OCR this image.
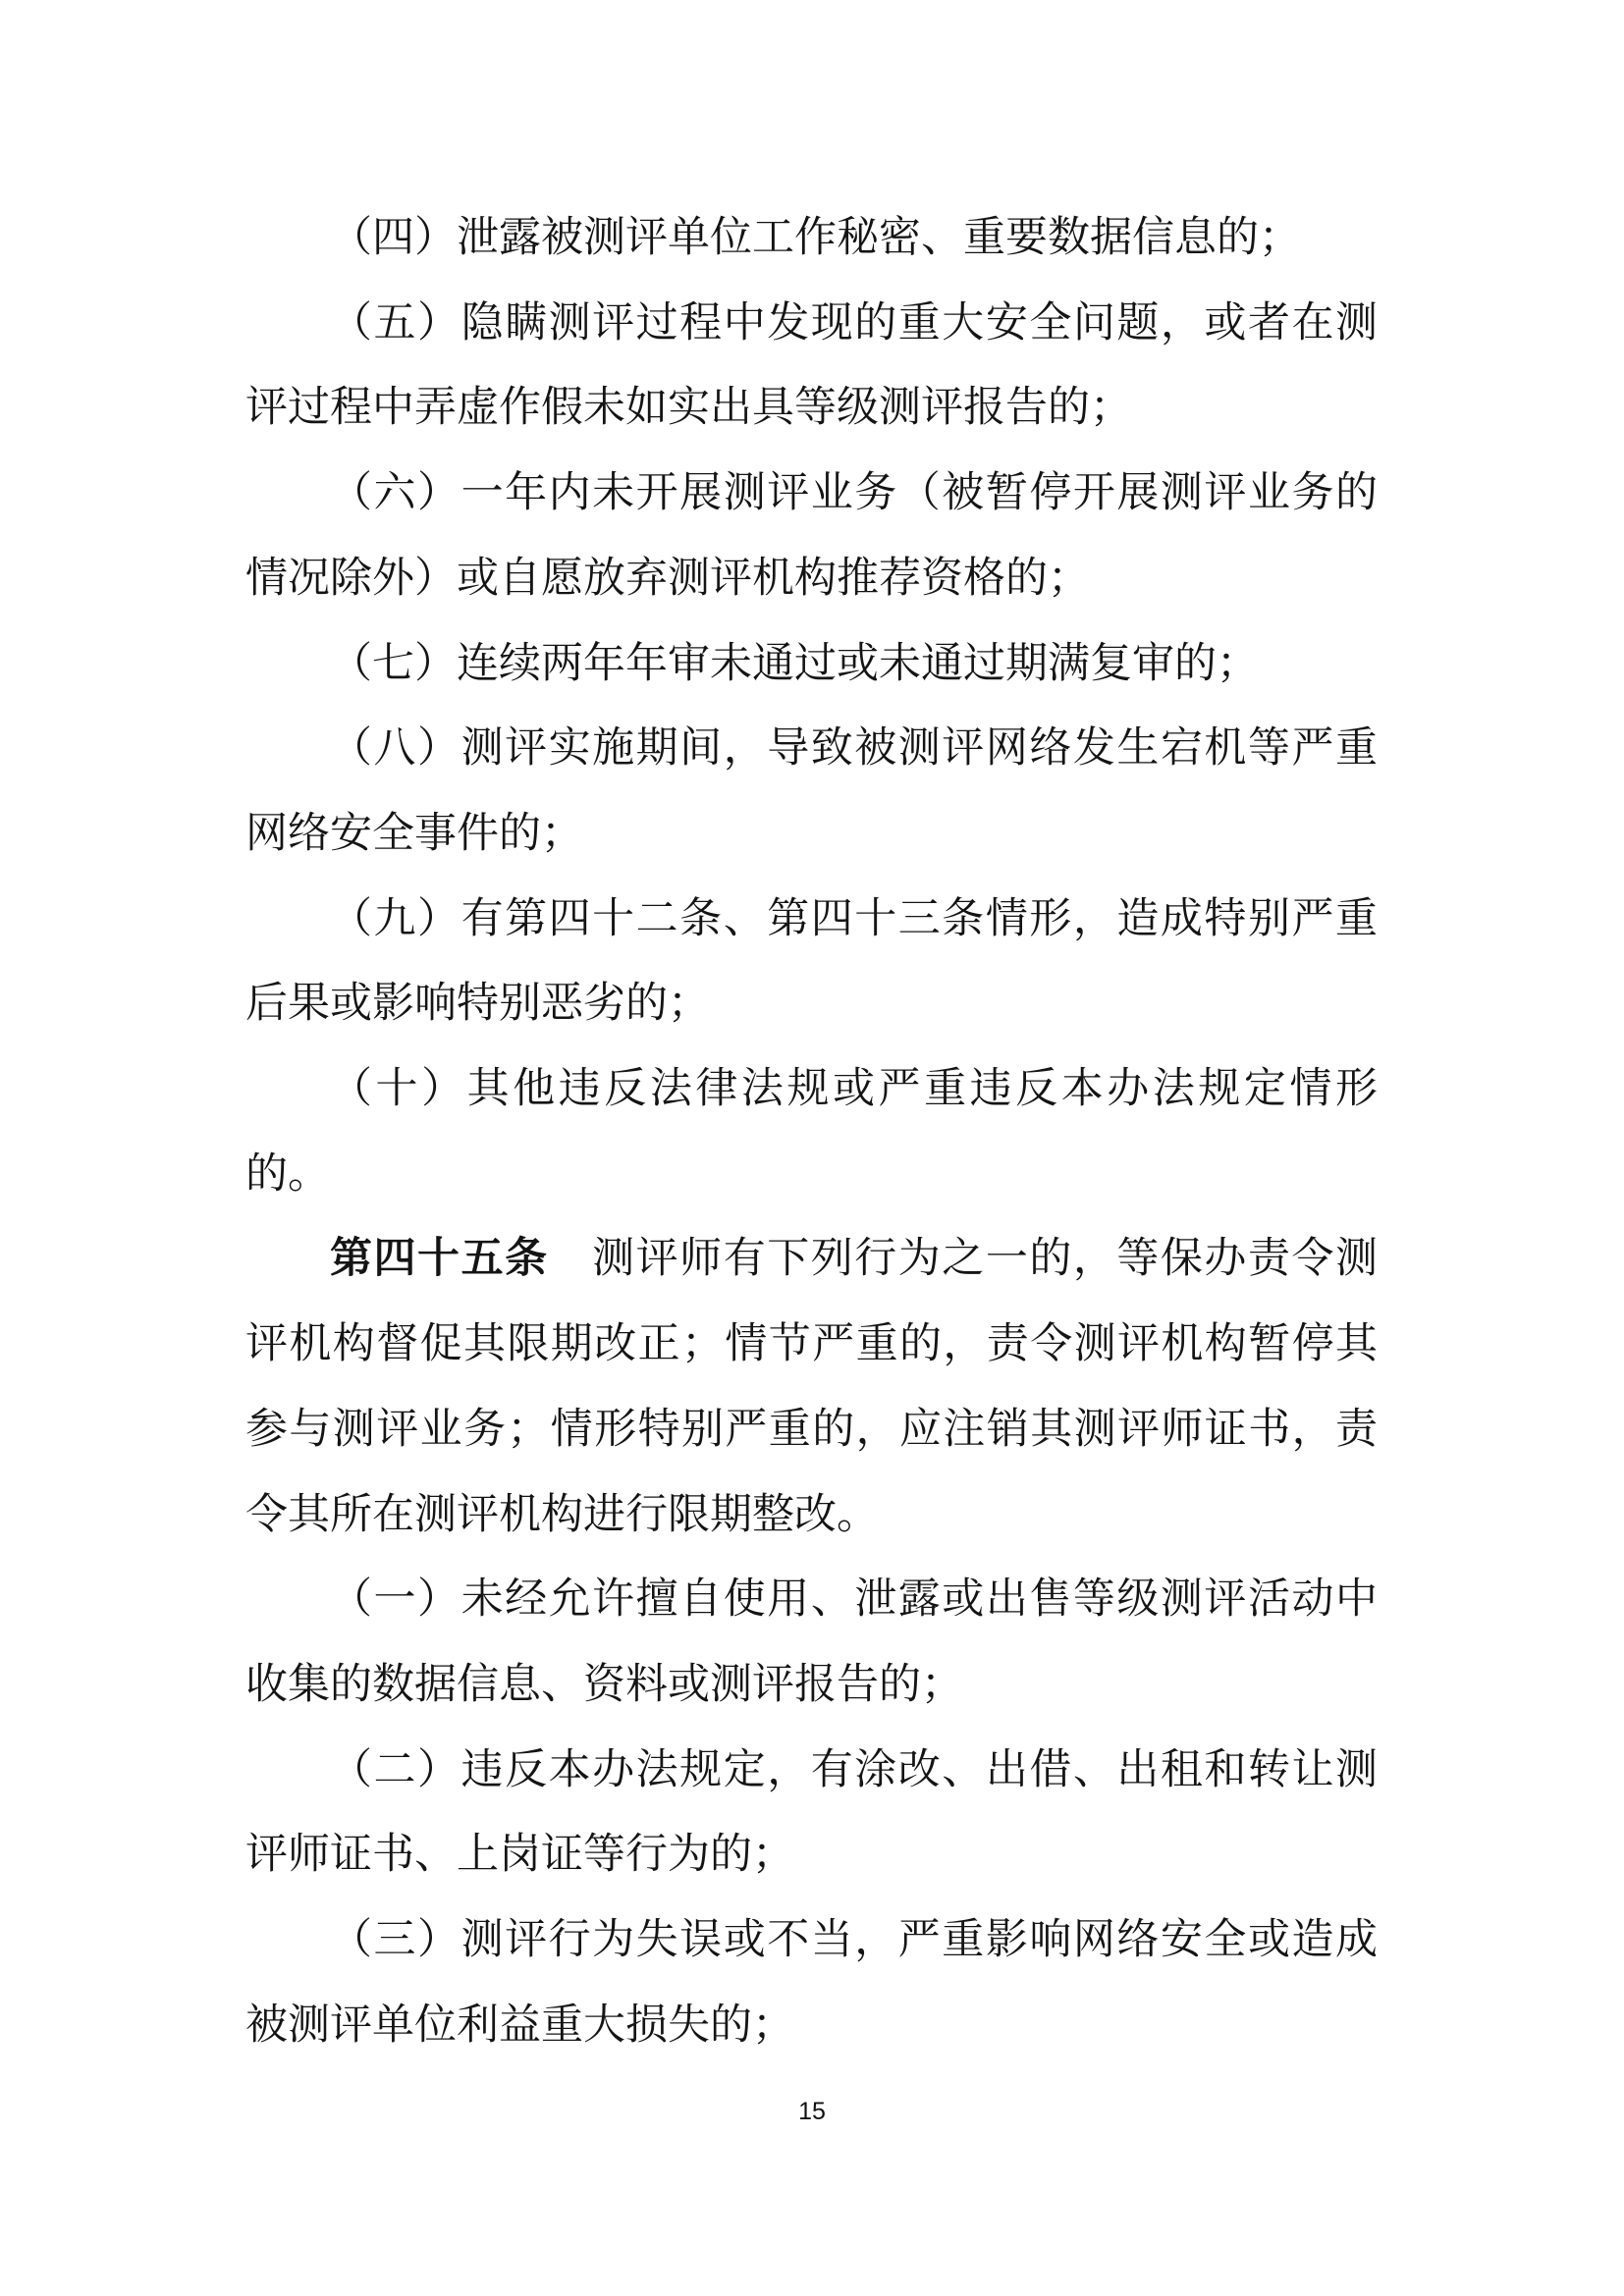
（四）泄露被测评单位工作秘密、重要数据信息的；

（五）隐瞒测评过程中发现的重大安全问题，或者在测评过程中弄虚作假未如实出具等级测评报告的；

（六）一年内未开展测评业务（被暂停开展测评业务的情况除外）或自愿放弃测评机构推荐资格的；

（七）连续两年年审未通过或未通过期满复审的；

（八）测评实施期间，导致被测评网络发生宕机等严重网络安全事件的；

（九）有第四十二条、第四十三条情形，造成特别严重后果或影响特别恶劣的；

（十）其他违反法律法规或严重违反本办法规定情形的。

第四十五条　测评师有下列行为之一的，等保办责令测评机构督促其限期改正；情节严重的，责令测评机构暂停其参与测评业务；情形特别严重的，应注销其测评师证书，责令其所在测评机构进行限期整改。

（一）未经允许擅自使用、泄露或出售等级测评活动中收集的数据信息、资料或测评报告的；

（二）违反本办法规定，有涂改、出借、出租和转让测评师证书、上岗证等行为的；

（三）测评行为失误或不当，严重影响网络安全或造成被测评单位利益重大损失的；

15
